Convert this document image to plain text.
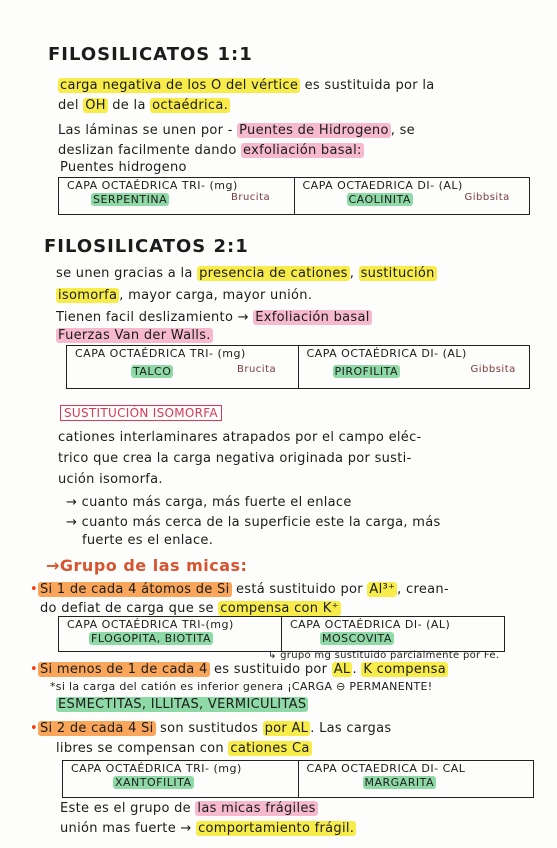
FILOSILICATOS 1:1
carga negativa de los O del vértice es sustituida por la
del OH de la octaédrica.
Las láminas se unen por - Puentes de Hidrogeno , se
deslizan facilmente dando exfoliación basal:
Puentes hidrogeno
CAPA OCTAÉDRICA TRI- (mg)
SERPENTINA	Brucita
CAPA OCTAEDRICA DI- (AL)
CAOLINITA	Gibbsita
FILOSILICATOS 2:1
se unen gracias a la presencia de cationes , sustitución
isomorfa , mayor carga, mayor unión.
Tienen facil deslizamiento → Exfoliación basal
Fuerzas Van der Walls.
CAPA OCTAÉDRICA TRI- (mg)
TALCO	Brucita
CAPA OCTAÉDRICA DI- (AL)
PIROFILITA	Gibbsita
SUSTITUCIÓN ISOMORFA
cationes interlaminares atrapados por el campo eléc-
trico que crea la carga negativa originada por susti-
ución isomorfa.
→ cuanto más carga, más fuerte el enlace
→ cuanto más cerca de la superficie este la carga, más
fuerte es el enlace.
→Grupo de las micas:
• Si 1 de cada 4 átomos de Si está sustituido por Al³⁺ , crean-
do defiat de carga que se compensa con K⁺
CAPA OCTAÉDRICA TRI-(mg)
FLOGOPITA, BIOTITA
CAPA OCTAÉDRICA DI- (AL)
MOSCOVITA
↳ grupo mg sustituido parcialmente por Fe.
• Si menos de 1 de cada 4 es sustituido por AL . K compensa
*si la carga del catión es inferior genera ¡CARGA ⊖ PERMANENTE!
ESMECTITAS, ILLITAS, VERMICULITAS
• Si 2 de cada 4 Si son sustitudos por AL . Las cargas
libres se compensan con cationes Ca
CAPA OCTAÉDRICA TRI- (mg)
XANTOFILITA
CAPA OCTAEDRICA DI- CAL
MARGARITA
Este es el grupo de las micas frágiles
unión mas fuerte → comportamiento frágil.
